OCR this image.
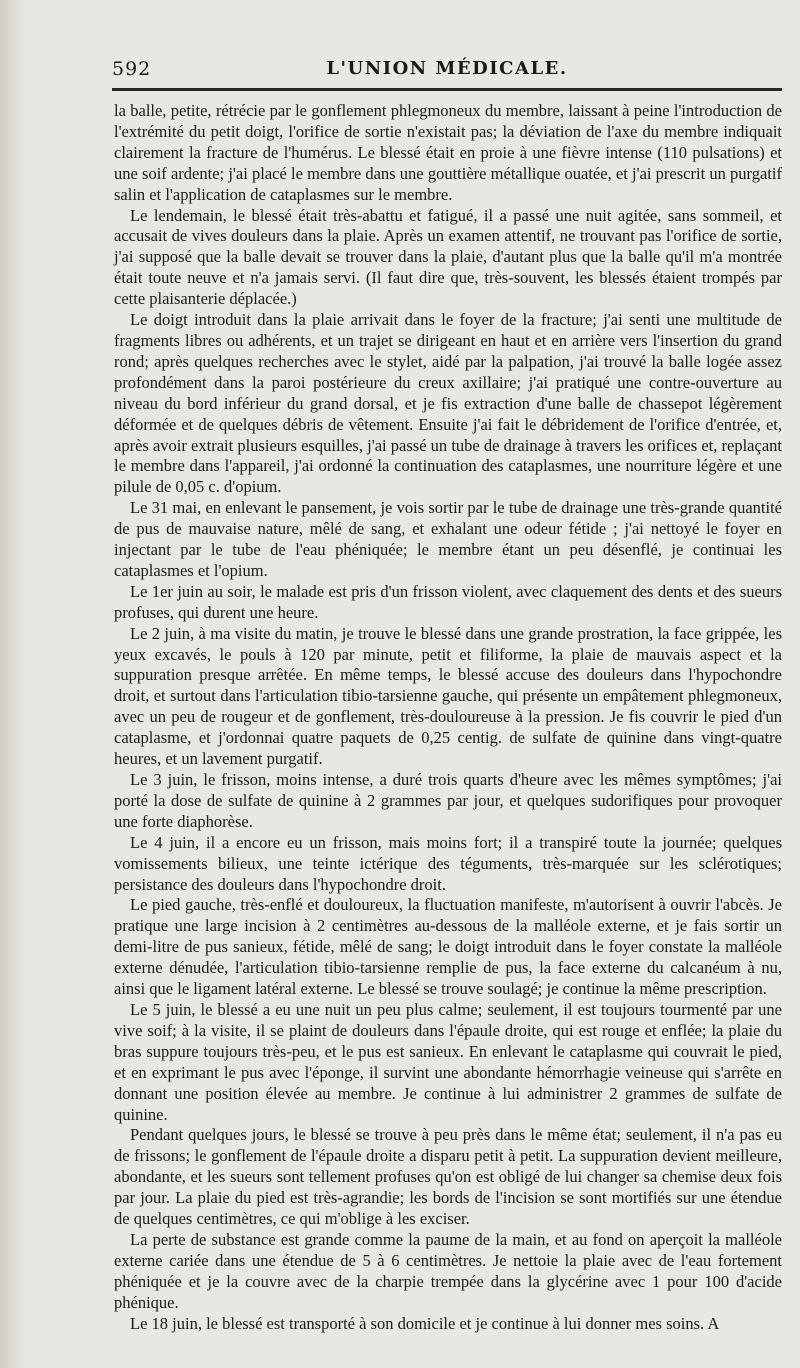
592	L'UNION MÉDICALE.

la balle, petite, rétrécie par le gonflement phlegmoneux du membre, laissant à peine l'introduction de l'extrémité du petit doigt, l'orifice de sortie n'existait pas; la déviation de l'axe du membre indiquait clairement la fracture de l'humérus. Le blessé était en proie à une fièvre intense (110 pulsations) et une soif ardente; j'ai placé le membre dans une gouttière métallique ouatée, et j'ai prescrit un purgatif salin et l'application de cataplasmes sur le membre.

Le lendemain, le blessé était très-abattu et fatigué, il a passé une nuit agitée, sans sommeil, et accusait de vives douleurs dans la plaie. Après un examen attentif, ne trouvant pas l'orifice de sortie, j'ai supposé que la balle devait se trouver dans la plaie, d'autant plus que la balle qu'il m'a montrée était toute neuve et n'a jamais servi. (Il faut dire que, très-souvent, les blessés étaient trompés par cette plaisanterie déplacée.)

Le doigt introduit dans la plaie arrivait dans le foyer de la fracture; j'ai senti une multitude de fragments libres ou adhérents, et un trajet se dirigeant en haut et en arrière vers l'insertion du grand rond; après quelques recherches avec le stylet, aidé par la palpation, j'ai trouvé la balle logée assez profondément dans la paroi postérieure du creux axillaire; j'ai pratiqué une contre-ouverture au niveau du bord inférieur du grand dorsal, et je fis extraction d'une balle de chassepot légèrement déformée et de quelques débris de vêtement. Ensuite j'ai fait le débridement de l'orifice d'entrée, et, après avoir extrait plusieurs esquilles, j'ai passé un tube de drainage à travers les orifices et, replaçant le membre dans l'appareil, j'ai ordonné la continuation des cataplasmes, une nourriture légère et une pilule de 0,05 c. d'opium.

Le 31 mai, en enlevant le pansement, je vois sortir par le tube de drainage une très-grande quantité de pus de mauvaise nature, mêlé de sang, et exhalant une odeur fétide ; j'ai nettoyé le foyer en injectant par le tube de l'eau phéniquée; le membre étant un peu désenflé, je continuai les cataplasmes et l'opium.

Le 1er juin au soir, le malade est pris d'un frisson violent, avec claquement des dents et des sueurs profuses, qui durent une heure.

Le 2 juin, à ma visite du matin, je trouve le blessé dans une grande prostration, la face grippée, les yeux excavés, le pouls à 120 par minute, petit et filiforme, la plaie de mauvais aspect et la suppuration presque arrêtée. En même temps, le blessé accuse des douleurs dans l'hypochondre droit, et surtout dans l'articulation tibio-tarsienne gauche, qui présente un empâtement phlegmoneux, avec un peu de rougeur et de gonflement, très-douloureuse à la pression. Je fis couvrir le pied d'un cataplasme, et j'ordonnai quatre paquets de 0,25 centig. de sulfate de quinine dans vingt-quatre heures, et un lavement purgatif.

Le 3 juin, le frisson, moins intense, a duré trois quarts d'heure avec les mêmes symptômes; j'ai porté la dose de sulfate de quinine à 2 grammes par jour, et quelques sudorifiques pour provoquer une forte diaphorèse.

Le 4 juin, il a encore eu un frisson, mais moins fort; il a transpiré toute la journée; quelques vomissements bilieux, une teinte ictérique des téguments, très-marquée sur les sclérotiques; persistance des douleurs dans l'hypochondre droit.

Le pied gauche, très-enflé et douloureux, la fluctuation manifeste, m'autorisent à ouvrir l'abcès. Je pratique une large incision à 2 centimètres au-dessous de la malléole externe, et je fais sortir un demi-litre de pus sanieux, fétide, mêlé de sang; le doigt introduit dans le foyer constate la malléole externe dénudée, l'articulation tibio-tarsienne remplie de pus, la face externe du calcanéum à nu, ainsi que le ligament latéral externe. Le blessé se trouve soulagé; je continue la même prescription.

Le 5 juin, le blessé a eu une nuit un peu plus calme; seulement, il est toujours tourmenté par une vive soif; à la visite, il se plaint de douleurs dans l'épaule droite, qui est rouge et enflée; la plaie du bras suppure toujours très-peu, et le pus est sanieux. En enlevant le cataplasme qui couvrait le pied, et en exprimant le pus avec l'éponge, il survint une abondante hémorrhagie veineuse qui s'arrête en donnant une position élevée au membre. Je continue à lui administrer 2 grammes de sulfate de quinine.

Pendant quelques jours, le blessé se trouve à peu près dans le même état; seulement, il n'a pas eu de frissons; le gonflement de l'épaule droite a disparu petit à petit. La suppuration devient meilleure, abondante, et les sueurs sont tellement profuses qu'on est obligé de lui changer sa chemise deux fois par jour. La plaie du pied est très-agrandie; les bords de l'incision se sont mortifiés sur une étendue de quelques centimètres, ce qui m'oblige à les exciser.

La perte de substance est grande comme la paume de la main, et au fond on aperçoit la malléole externe cariée dans une étendue de 5 à 6 centimètres. Je nettoie la plaie avec de l'eau fortement phéniquée et je la couvre avec de la charpie trempée dans la glycérine avec 1 pour 100 d'acide phénique.

Le 18 juin, le blessé est transporté à son domicile et je continue à lui donner mes soins. A
